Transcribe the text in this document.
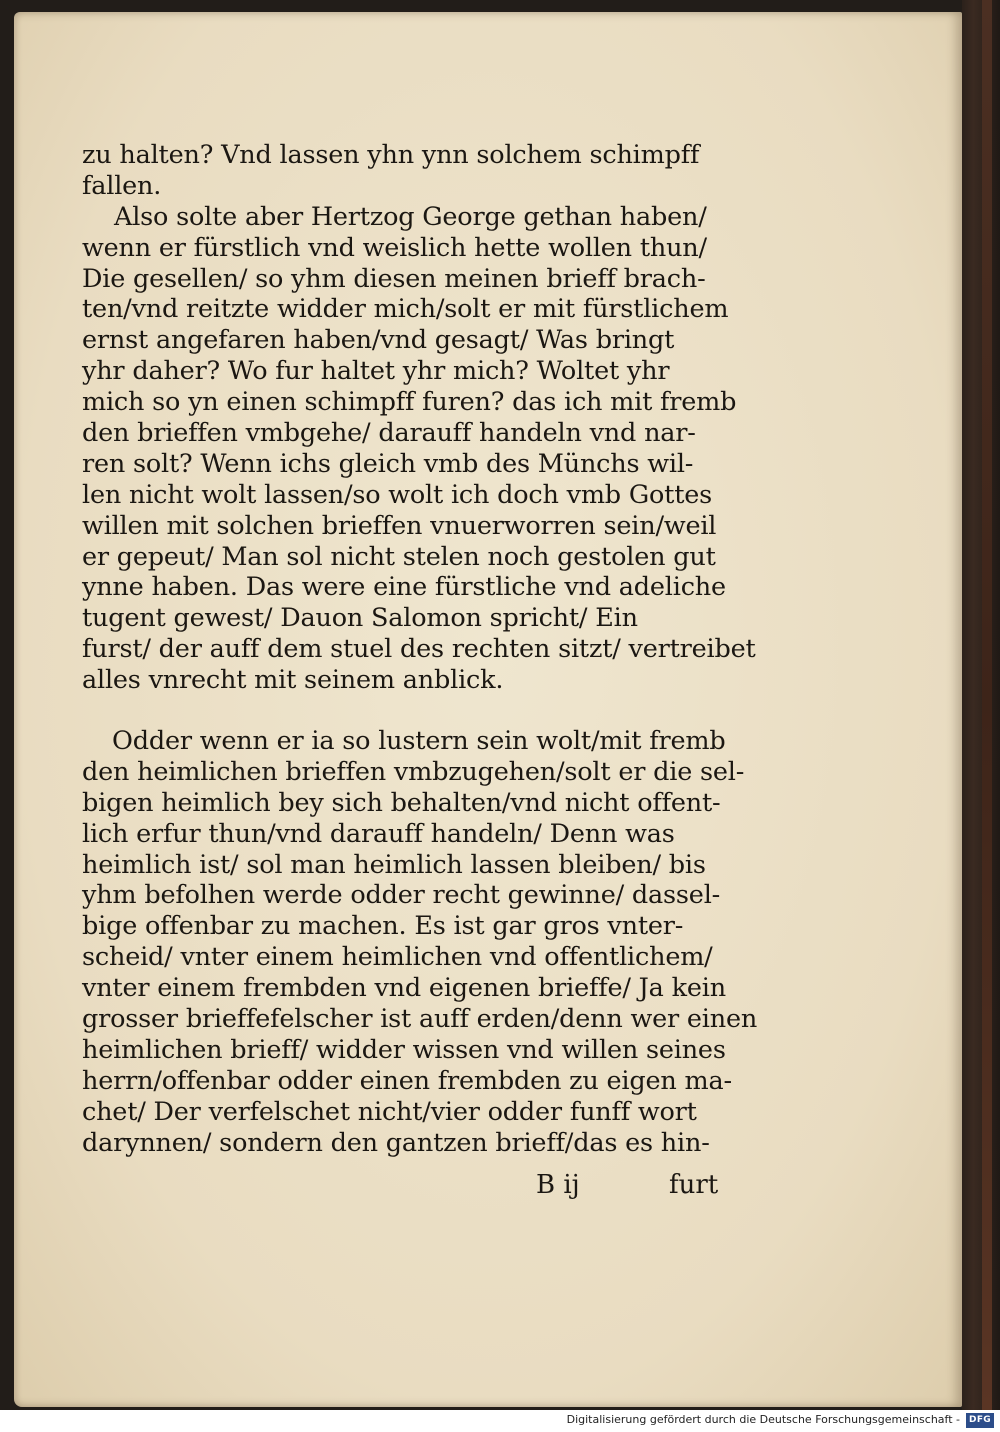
zu halten? Vnd lassen yhn ynn solchem schimpff
fallen.
Also solte aber Hertzog George gethan haben/
wenn er fürstlich vnd weislich hette wollen thun/
Die gesellen/ so yhm diesen meinen brieff brach-
ten/vnd reitzte widder mich/solt er mit fürstlichem
ernst angefaren haben/vnd gesagt/ Was bringt
yhr daher? Wo fur haltet yhr mich? Woltet yhr
mich so yn einen schimpff furen? das ich mit fremb
den brieffen vmbgehe/ darauff handeln vnd nar-
ren solt? Wenn ichs gleich vmb des Münchs wil-
len nicht wolt lassen/so wolt ich doch vmb Gottes
willen mit solchen brieffen vnuerworren sein/weil
er gepeut/ Man sol nicht stelen noch gestolen gut
ynne haben. Das were eine fürstliche vnd adeliche
tugent gewest/ Dauon Salomon spricht/ Ein
furst/ der auff dem stuel des rechten sitzt/ vertreibet
alles vnrecht mit seinem anblick.
Odder wenn er ia so lustern sein wolt/mit fremb
den heimlichen brieffen vmbzugehen/solt er die sel-
bigen heimlich bey sich behalten/vnd nicht offent-
lich erfur thun/vnd darauff handeln/ Denn was
heimlich ist/ sol man heimlich lassen bleiben/ bis
yhm befolhen werde odder recht gewinne/ dassel-
bige offenbar zu machen. Es ist gar gros vnter-
scheid/ vnter einem heimlichen vnd offentlichem/
vnter einem frembden vnd eigenen brieffe/ Ja kein
grosser brieffefelscher ist auff erden/denn wer einen
heimlichen brieff/ widder wissen vnd willen seines
herrn/offenbar odder einen frembden zu eigen ma-
chet/ Der verfelschet nicht/vier odder funff wort
darynnen/ sondern den gantzen brieff/das es hin-
B ij	furt
Digitalisierung gefördert durch die Deutsche Forschungsgemeinschaft -	DFG
